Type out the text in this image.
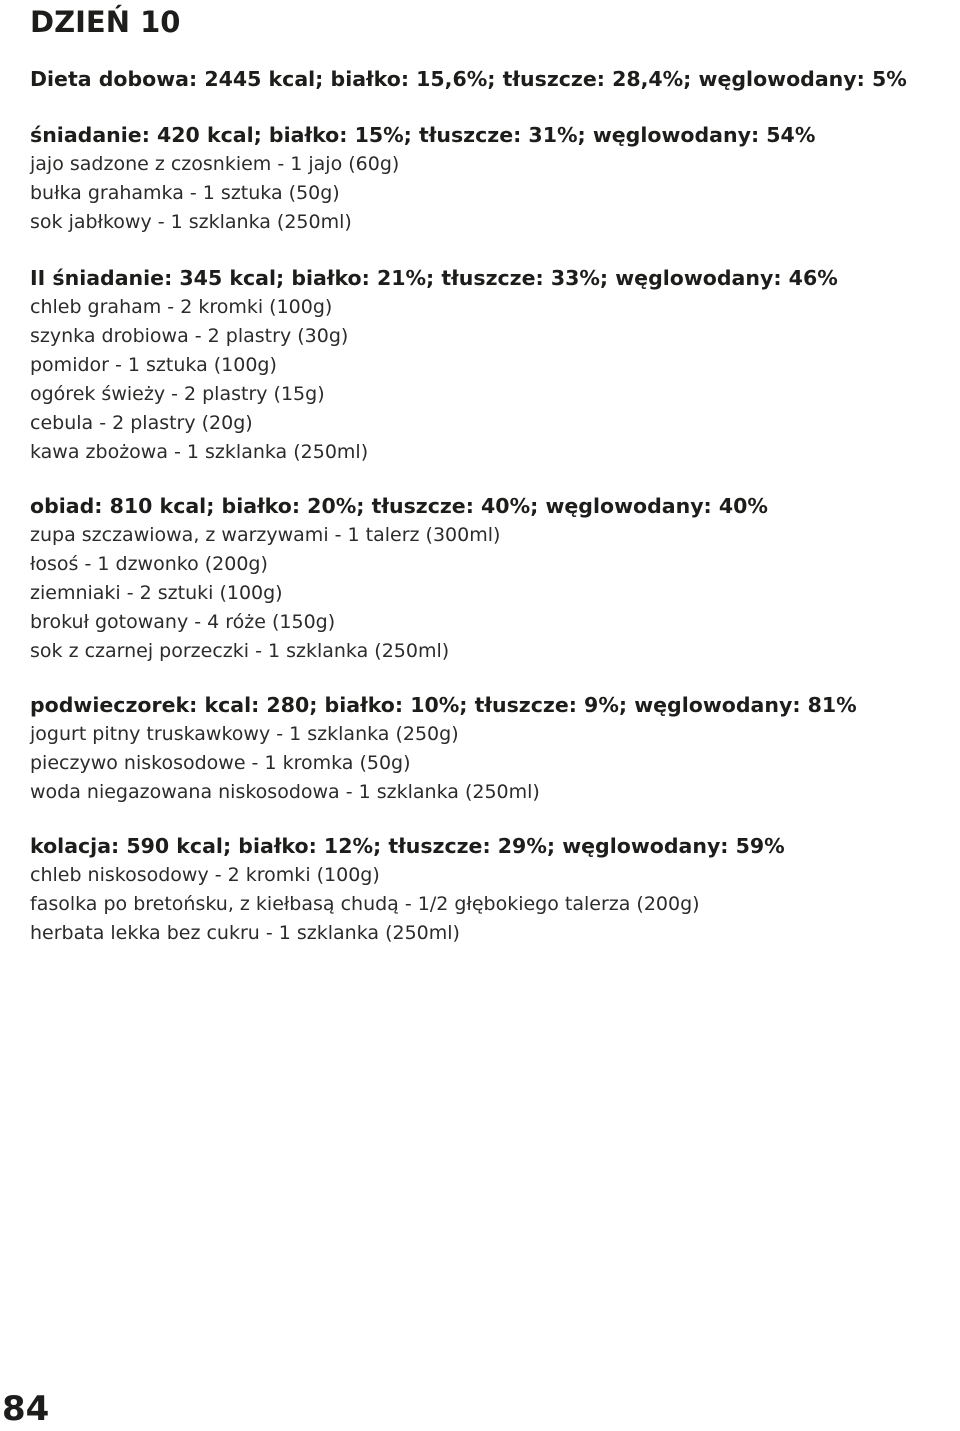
DZIEŃ 10

Dieta dobowa: 2445 kcal; białko: 15,6%; tłuszcze: 28,4%; węglowodany: 5%

śniadanie: 420 kcal; białko: 15%; tłuszcze: 31%; węglowodany: 54%
jajo sadzone z czosnkiem - 1 jajo (60g)
bułka grahamka - 1 sztuka (50g)
sok jabłkowy - 1 szklanka (250ml)
II śniadanie: 345 kcal; białko: 21%; tłuszcze: 33%; węglowodany: 46%
chleb graham - 2 kromki (100g)
szynka drobiowa - 2 plastry (30g)
pomidor - 1 sztuka (100g)
ogórek świeży - 2 plastry (15g)
cebula - 2 plastry (20g)
kawa zbożowa - 1 szklanka (250ml)
obiad: 810 kcal; białko: 20%; tłuszcze: 40%; węglowodany: 40%
zupa szczawiowa, z warzywami - 1 talerz (300ml)
łosoś - 1 dzwonko (200g)
ziemniaki - 2 sztuki (100g)
brokuł gotowany - 4 róże (150g)
sok z czarnej porzeczki - 1 szklanka (250ml)
podwieczorek: kcal: 280; białko: 10%; tłuszcze: 9%; węglowodany: 81%
jogurt pitny truskawkowy - 1 szklanka (250g)
pieczywo niskosodowe - 1 kromka (50g)
woda niegazowana niskosodowa - 1 szklanka (250ml)
kolacja: 590 kcal; białko: 12%; tłuszcze: 29%; węglowodany: 59%
chleb niskosodowy - 2 kromki (100g)
fasolka po bretońsku, z kiełbasą chudą - 1/2 głębokiego talerza (200g)
herbata lekka bez cukru - 1 szklanka (250ml)
84
